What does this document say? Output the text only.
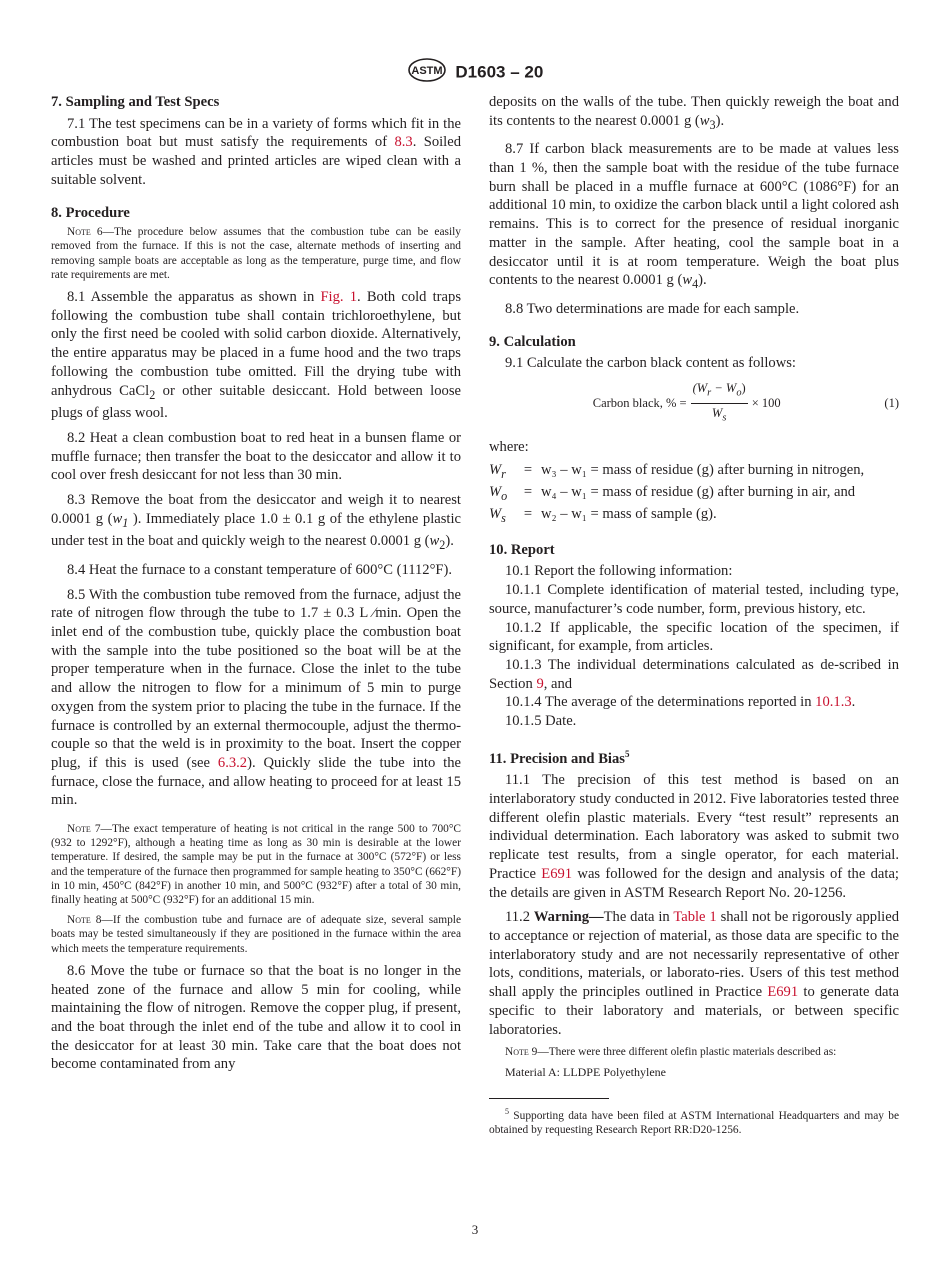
ASTM D1603 – 20
7. Sampling and Test Specs

7.1 The test specimens can be in a variety of forms which fit in the combustion boat but must satisfy the requirements of 8.3. Soiled articles must be washed and printed articles are wiped clean with a suitable solvent.

8. Procedure

Note 6—The procedure below assumes that the combustion tube can be easily removed from the furnace. If this is not the case, alternate methods of inserting and removing sample boats are acceptable as long as the temperature, purge time, and flow rate requirements are met.

8.1 Assemble the apparatus as shown in Fig. 1. Both cold traps following the combustion tube shall contain trichloroethylene, but only the first need be cooled with solid carbon dioxide. Alternatively, the entire apparatus may be placed in a fume hood and the two traps following the combustion tube omitted. Fill the drying tube with anhydrous CaCl$_2$ or other suitable desiccant. Hold between loose plugs of glass wool.

8.2 Heat a clean combustion boat to red heat in a bunsen flame or muffle furnace; then transfer the boat to the desiccator and allow it to cool over fresh desiccant for not less than 30 min.

8.3 Remove the boat from the desiccator and weigh it to nearest 0.0001 g ($w_1$ ). Immediately place 1.0 ± 0.1 g of the ethylene plastic under test in the boat and quickly weigh to the nearest 0.0001 g $(w_2)$.

8.4 Heat the furnace to a constant temperature of 600°C (1112°F).

8.5 With the combustion tube removed from the furnace, adjust the rate of nitrogen flow through the tube to 1.7 ± 0.3 L ⁄min. Open the inlet end of the combustion tube, quickly place the combustion boat with the sample into the tube positioned so the boat will be at the proper temperature when in the furnace. Close the inlet to the tube and allow the nitrogen to flow for a minimum of 5 min to purge oxygen from the system prior to placing the tube in the furnace. If the furnace is controlled by an external thermocouple, adjust the thermo-couple so that the weld is in proximity to the boat. Insert the copper plug, if this is used (see 6.3.2). Quickly slide the tube into the furnace, close the furnace, and allow heating to proceed for at least 15 min.

Note 7—The exact temperature of heating is not critical in the range 500 to 700°C (932 to 1292°F), although a heating time as long as 30 min is desirable at the lower temperature. If desired, the sample may be put in the furnace at 300°C (572°F) or less and the temperature of the furnace then programmed for sample heating to 350°C (662°F) in 10 min, 450°C (842°F) in another 10 min, and 500°C (932°F) after a total of 30 min, finally heating at 500°C (932°F) for an additional 15 min.

Note 8—If the combustion tube and furnace are of adequate size, several sample boats may be tested simultaneously if they are positioned in the furnace within the area which meets the temperature requirements.

8.6 Move the tube or furnace so that the boat is no longer in the heated zone of the furnace and allow 5 min for cooling, while maintaining the flow of nitrogen. Remove the copper plug, if present, and the boat through the inlet end of the tube and allow it to cool in the desiccator for at least 30 min. Take care that the boat does not become contaminated from any

deposits on the walls of the tube. Then quickly reweigh the boat and its contents to the nearest 0.0001 g $(w_3)$.

8.7 If carbon black measurements are to be made at values less than 1 %, then the sample boat with the residue of the tube furnace burn shall be placed in a muffle furnace at 600°C (1086°F) for an additional 10 min, to oxidize the carbon black until a light colored ash remains. This is to correct for the presence of residual inorganic matter in the sample. After heating, cool the sample boat in a desiccator until it is at room temperature. Weigh the boat plus contents to the nearest 0.0001 g $(w_4)$.

8.8 Two determinations are made for each sample.

9. Calculation

9.1 Calculate the carbon black content as follows:

Carbon black, % = $\frac{(W_r - W_o)}{W_s} \times 100$	(1)

where:

$W_r$	=	w₃ – w₁ = mass of residue (g) after burning in nitrogen,
$W_o$	=	w₄ – w₁ = mass of residue (g) after burning in air, and
$W_s$	=	w₂ – w₁ = mass of sample (g).
10. Report

10.1 Report the following information:

10.1.1 Complete identification of material tested, including type, source, manufacturer’s code number, form, previous history, etc.

10.1.2 If applicable, the specific location of the specimen, if significant, for example, from articles.

10.1.3 The individual determinations calculated as de-scribed in Section 9, and

10.1.4 The average of the determinations reported in 10.1.3.

10.1.5 Date.

11. Precision and Bias$^5$

11.1 The precision of this test method is based on an interlaboratory study conducted in 2012. Five laboratories tested three different olefin plastic materials. Every “test result” represents an individual determination. Each laboratory was asked to submit two replicate test results, from a single operator, for each material. Practice E691 was followed for the design and analysis of the data; the details are given in ASTM Research Report No. 20-1256.

11.2 Warning—The data in Table 1 shall not be rigorously applied to acceptance or rejection of material, as those data are specific to the interlaboratory study and are not necessarily representative of other lots, conditions, materials, or laborato-ries. Users of this test method shall apply the principles outlined in Practice E691 to generate data specific to their laboratory and materials, or between specific laboratories.

Note 9—There were three different olefin plastic materials described as:

Material A: LLDPE Polyethylene

$^5$ Supporting data have been filed at ASTM International Headquarters and may be obtained by requesting Research Report RR:D20-1256.

3
